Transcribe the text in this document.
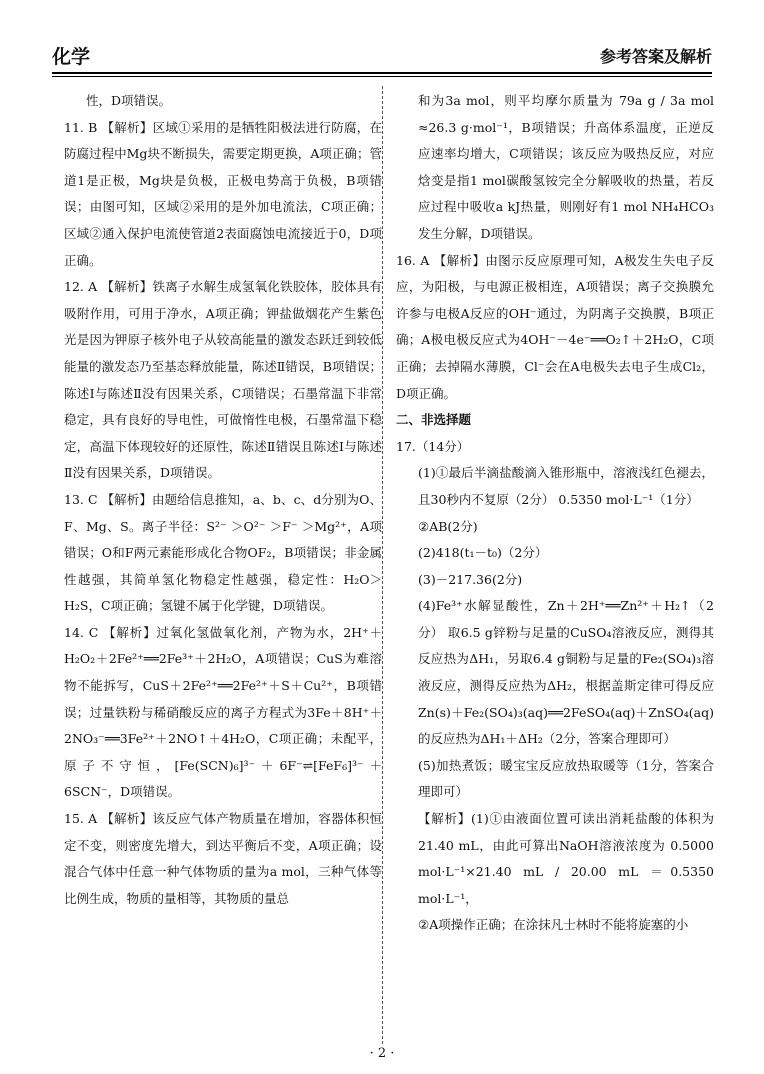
化学	参考答案及解析

性，D项错误。

11. B 【解析】区域①采用的是牺牲阳极法进行防腐，在防腐过程中Mg块不断损失，需要定期更换，A项正确；管道1是正极，Mg块是负极，正极电势高于负极，B项错误；由图可知，区域②采用的是外加电流法，C项正确；区域②通入保护电流使管道2表面腐蚀电流接近于0，D项正确。

12. A 【解析】铁离子水解生成氢氧化铁胶体，胶体具有吸附作用，可用于净水，A项正确；钾盐做烟花产生紫色光是因为钾原子核外电子从较高能量的激发态跃迁到较低能量的激发态乃至基态释放能量，陈述Ⅱ错误，B项错误；陈述Ⅰ与陈述Ⅱ没有因果关系，C项错误；石墨常温下非常稳定，具有良好的导电性，可做惰性电极，石墨常温下稳定，高温下体现较好的还原性，陈述Ⅱ错误且陈述Ⅰ与陈述Ⅱ没有因果关系，D项错误。

13. C 【解析】由题给信息推知，a、b、c、d分别为O、F、Mg、S。离子半径：S²⁻ ＞O²⁻ ＞F⁻ ＞Mg²⁺，A项错误；O和F两元素能形成化合物OF₂，B项错误；非金属性越强，其简单氢化物稳定性越强，稳定性：H₂O＞H₂S，C项正确；氢键不属于化学键，D项错误。

14. C 【解析】过氧化氢做氧化剂，产物为水，2H⁺＋H₂O₂＋2Fe²⁺══2Fe³⁺＋2H₂O，A项错误；CuS为难溶物不能拆写，CuS＋2Fe²⁺══2Fe²⁺＋S＋Cu²⁺，B项错误；过量铁粉与稀硝酸反应的离子方程式为3Fe＋8H⁺＋2NO₃⁻══3Fe²⁺＋2NO↑＋4H₂O，C项正确；未配平，原子不守恒，[Fe(SCN)₆]³⁻＋6F⁻⇌[FeF₆]³⁻＋6SCN⁻，D项错误。

15. A 【解析】该反应气体产物质量在增加，容器体积恒定不变，则密度先增大，到达平衡后不变，A项正确；设混合气体中任意一种气体物质的量为a mol，三种气体等比例生成，物质的量相等，其物质的量总

和为3a mol，则平均摩尔质量为 79a g / 3a mol ≈26.3 g·mol⁻¹，B项错误；升高体系温度，正逆反应速率均增大，C项错误；该反应为吸热反应，对应焓变是指1 mol碳酸氢铵完全分解吸收的热量，若反应过程中吸收a kJ热量，则刚好有1 mol NH₄HCO₃发生分解，D项错误。

16. A 【解析】由图示反应原理可知，A极发生失电子反应，为阳极，与电源正极相连，A项错误；离子交换膜允许参与电极A反应的OH⁻通过，为阴离子交换膜，B项正确；A极电极反应式为4OH⁻－4e⁻══O₂↑＋2H₂O，C项正确；去掉隔水薄膜，Cl⁻会在A电极失去电子生成Cl₂，D项正确。

二、非选择题

17.（14分）

(1)①最后半滴盐酸滴入锥形瓶中，溶液浅红色褪去，且30秒内不复原（2分） 0.5350 mol·L⁻¹（1分）

②AB(2分)

(2)418(t₁－t₀)（2分）

(3)－217.36(2分)

(4)Fe³⁺水解显酸性，Zn＋2H⁺══Zn²⁺＋H₂↑（2分） 取6.5 g锌粉与足量的CuSO₄溶液反应，测得其反应热为ΔH₁，另取6.4 g铜粉与足量的Fe₂(SO₄)₃溶液反应，测得反应热为ΔH₂，根据盖斯定律可得反应Zn(s)＋Fe₂(SO₄)₃(aq)══2FeSO₄(aq)＋ZnSO₄(aq)的反应热为ΔH₁＋ΔH₂（2分，答案合理即可）

(5)加热煮饭；暖宝宝反应放热取暖等（1分，答案合理即可）

【解析】(1)①由液面位置可读出消耗盐酸的体积为21.40 mL，由此可算出NaOH溶液浓度为 0.5000 mol·L⁻¹×21.40 mL / 20.00 mL ＝0.5350 mol·L⁻¹，

②A项操作正确；在涂抹凡士林时不能将旋塞的小

· 2 ·
